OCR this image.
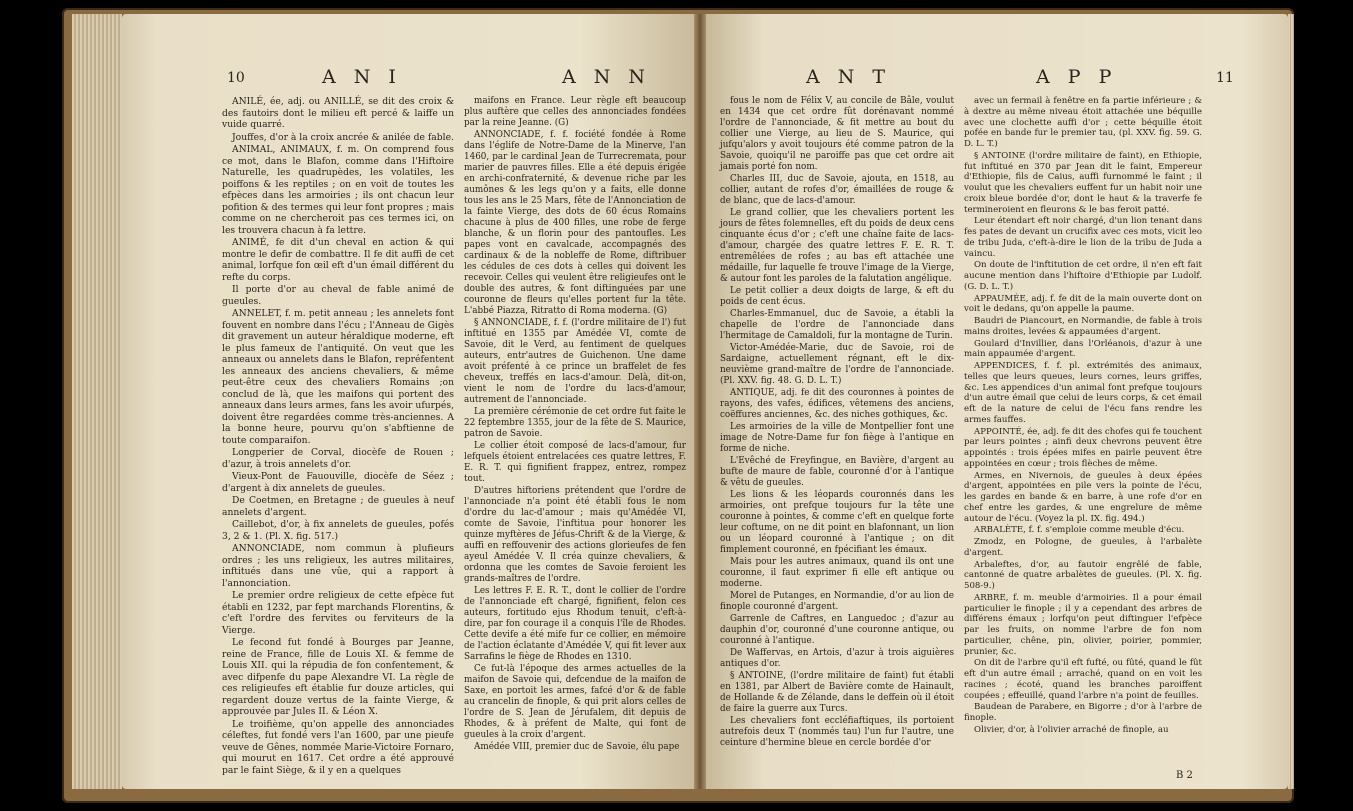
10	A N I	A N N

ANILÉ, ée, adj. ou ANILLÉ, se dit des croix & des fautoirs dont le milieu eft percé & laiffe un vuide quarré.

Jouffes, d'or à la croix ancrée & anilée de fable.

ANIMAL, ANIMAUX, f. m. On comprend fous ce mot, dans le Blafon, comme dans l'Hiftoire Naturelle, les quadrupèdes, les volatiles, les poiffons & les reptiles ; on en voit de toutes les efpèces dans les armoiries ; ils ont chacun leur pofition & des termes qui leur font propres ; mais comme on ne chercheroit pas ces termes ici, on les trouvera chacun à fa lettre.

ANIMÉ, fe dit d'un cheval en action & qui montre le defir de combattre. Il fe dit auffi de cet animal, lorfque fon œil eft d'un émail différent du refte du corps.

Il porte d'or au cheval de fable animé de gueules.

ANNELET, f. m. petit anneau ; les annelets font fouvent en nombre dans l'écu ; l'Anneau de Gigès dit gravement un auteur héraldique moderne, eft le plus fameux de l'antiquité. On veut que les anneaux ou annelets dans le Blafon, repréfentent les anneaux des anciens chevaliers, & même peut-être ceux des chevaliers Romains ;on conclud de là, que les maifons qui portent des anneaux dans leurs armes, fans les avoir ufurpés, doivent être regardées comme très-anciennes. A la bonne heure, pourvu qu'on s'abftienne de toute comparaifon.

Longperier de Corval, diocèfe de Rouen ; d'azur, à trois annelets d'or.

Vieux-Pont de Fauouville, diocèfe de Séez ; d'argent à dix annelets de gueules.

De Coetmen, en Bretagne ; de gueules à neuf annelets d'argent.

Caillebot, d'or, à fix annelets de gueules, pofés 3, 2 & 1. (Pl. X. fig. 517.)

ANNONCIADE, nom commun à plufieurs ordres ; les uns religieux, les autres militaires, inftitués dans une vûe, qui a rapport à l'annonciation.

Le premier ordre religieux de cette efpèce fut établi en 1232, par fept marchands Florentins, & c'eft l'ordre des fervites ou ferviteurs de la Vierge.

Le fecond fut fondé à Bourges par Jeanne, reine de France, fille de Louis XI. & femme de Louis XII. qui la répudia de fon confentement, & avec difpenfe du pape Alexandre VI. La règle de ces religieufes eft établie fur douze articles, qui regardent douze vertus de la fainte Vierge, & approuvée par Jules II. & Léon X.

Le troifième, qu'on appelle des annonciades céleftes, fut fondé vers l'an 1600, par une pieufe veuve de Gênes, nommée Marie-Victoire Fornaro, qui mourut en 1617. Cet ordre a été approuvé par le faint Siège, & il y en a quelques

maifons en France. Leur règle eft beaucoup plus auftère que celles des annonciades fondées par la reine Jeanne. (G)

ANNONCIADE, f. f. fociété fondée à Rome dans l'églife de Notre-Dame de la Minerve, l'an 1460, par le cardinal Jean de Turrecremata, pour marier de pauvres filles. Elle a été depuis érigée en archi-confraternité, & devenue riche par les aumônes & les legs qu'on y a faits, elle donne tous les ans le 25 Mars, fête de l'Annonciation de la fainte Vierge, des dots de 60 écus Romains chacune à plus de 400 filles, une robe de ferge blanche, & un florin pour des pantoufles. Les papes vont en cavalcade, accompagnés des cardinaux & de la nobleffe de Rome, diftribuer les cédules de ces dots à celles qui doivent les recevoir. Celles qui veulent être religieufes ont le double des autres, & font diftinguées par une couronne de fleurs qu'elles portent fur la tête. L'abbé Piazza, Ritratto di Roma moderna. (G)

§ ANNONCIADE, f. f. (l'ordre militaire de l') fut inftitué en 1355 par Amédée VI, comte de Savoie, dit le Verd, au fentiment de quelques auteurs, entr'autres de Guichenon. Une dame avoit préfenté à ce prince un braffelet de fes cheveux, treffés en lacs-d'amour. Delà, dit-on, vient le nom de l'ordre du lacs-d'amour, autrement de l'annonciade.

La première cérémonie de cet ordre fut faite le 22 feptembre 1355, jour de la fête de S. Maurice, patron de Savoie.

Le collier étoit composé de lacs-d'amour, fur lefquels étoient entrelacées ces quatre lettres, F. E. R. T. qui fignifient frappez, entrez, rompez tout.

D'autres hiftoriens prétendent que l'ordre de l'annonciade n'a point été établi fous le nom d'ordre du lac-d'amour ; mais qu'Amédée VI, comte de Savoie, l'inftitua pour honorer les quinze myftères de Jéfus-Chrift & de la Vierge, & auffi en reffouvenir des actions glorieufes de fen ayeul Amédée V. Il créa quinze chevaliers, & ordonna que les comtes de Savoie feroient les grands-maîtres de l'ordre.

Les lettres F. E. R. T., dont le collier de l'ordre de l'annonciade eft chargé, fignifient, felon ces auteurs, fortitudo ejus Rhodum tenuit, c'eft-à-dire, par fon courage il a conquis l'île de Rhodes. Cette devife a été mife fur ce collier, en mémoire de l'action éclatante d'Amédée V, qui fit lever aux Sarrafins le fiège de Rhodes en 1310.

Ce fut-là l'époque des armes actuelles de la maifon de Savoie qui, defcendue de la maifon de Saxe, en portoit les armes, fafcé d'or & de fable au crancelin de finople, & qui prit alors celles de l'ordre de S. Jean de Jérufalem, dit depuis de Rhodes, & à préfent de Malte, qui font de gueules à la croix d'argent.

Amédée VIII, premier duc de Savoie, élu pape

A N T	A P P	11

fous le nom de Félix V, au concile de Bâle, voulut en 1434 que cet ordre fût dorénavant nommé l'ordre de l'annonciade, & fit mettre au bout du collier une Vierge, au lieu de S. Maurice, qui jufqu'alors y avoit toujours été comme patron de la Savoie, quoiqu'il ne paroiffe pas que cet ordre ait jamais porté fon nom.

Charles III, duc de Savoie, ajouta, en 1518, au collier, autant de rofes d'or, émaillées de rouge & de blanc, que de lacs-d'amour.

Le grand collier, que les chevaliers portent les jours de fêtes folemnelles, eft du poids de deux cens cinquante écus d'or ; c'eft une chaîne faite de lacs-d'amour, chargée des quatre lettres F. E. R. T. entremêlées de rofes ; au bas eft attachée une médaille, fur laquelle fe trouve l'image de la Vierge, & autour font les paroles de la falutation angélique.

Le petit collier a deux doigts de large, & eft du poids de cent écus.

Charles-Emmanuel, duc de Savoie, a établi la chapelle de l'ordre de l'annonciade dans l'hermitage de Camaldoli, fur la montagne de Turin.

Victor-Amédée-Marie, duc de Savoie, roi de Sardaigne, actuellement régnant, eft le dix-neuvième grand-maître de l'ordre de l'annonciade. (Pl. XXV. fig. 48. G. D. L. T.)

ANTIQUE, adj. fe dit des couronnes à pointes de rayons, des vafes, édifices, vêtemens des anciens, coëffures anciennes, &c. des niches gothiques, &c.

Les armoiries de la ville de Montpellier font une image de Notre-Dame fur fon fiège à l'antique en forme de niche.

L'Evêché de Freyfingue, en Bavière, d'argent au bufte de maure de fable, couronné d'or à l'antique & vêtu de gueules.

Les lions & les léopards couronnés dans les armoiries, ont prefque toujours fur la tête une couronne à pointes, & comme c'eft en quelque forte leur coftume, on ne dit point en blafonnant, un lion ou un léopard couronné à l'antique ; on dit fimplement couronné, en fpécifiant les émaux.

Mais pour les autres animaux, quand ils ont une couronne, il faut exprimer fi elle eft antique ou moderne.

Morel de Putanges, en Normandie, d'or au lion de finople couronné d'argent.

Garrenle de Caftres, en Languedoc ; d'azur au dauphin d'or, couronné d'une couronne antique, ou couronné à l'antique.

De Waffervas, en Artois, d'azur à trois aiguières antiques d'or.

§ ANTOINE, (l'ordre militaire de faint) fut établi en 1381, par Albert de Bavière comte de Hainault, de Hollande & de Zélande, dans le deffein où il étoit de faire la guerre aux Turcs.

Les chevaliers font eccléfiaftiques, ils portoient autrefois deux T (nommés tau) l'un fur l'autre, une ceinture d'hermine bleue en cercle bordée d'or

avec un fermail à fenêtre en fa partie inférieure ; & à dextre au même niveau étoit attachée une béquille avec une clochette auffi d'or ; cette béquille étoit pofée en bande fur le premier tau, (pl. XXV. fig. 59. G. D. L. T.)

§ ANTOINE (l'ordre militaire de faint), en Ethiopie, fut inftitué en 370 par Jean dit le faint, Empereur d'Ethiopie, fils de Caius, auffi furnommé le faint ; il voulut que les chevaliers euffent fur un habit noir une croix bleue bordée d'or, dont le haut & la traverfe fe termineroient en fleurons & le bas feroit patté.

Leur étendart eft noir chargé, d'un lion tenant dans fes pates de devant un crucifix avec ces mots, vicit leo de tribu Juda, c'eft-à-dire le lion de la tribu de Juda a vaincu.

On doute de l'inftitution de cet ordre, il n'en eft fait aucune mention dans l'hiftoire d'Ethiopie par Ludolf. (G. D. L. T.)

APPAUMÉE, adj. f. fe dit de la main ouverte dont on voit le dedans, qu'on appelle la paume.

Baudri de Piancourt, en Normandie, de fable à trois mains droites, levées & appaumées d'argent.

Goulard d'Invillier, dans l'Orléanois, d'azur à une main appaumée d'argent.

APPENDICES, f. f. pl. extrémités des animaux, telles que leurs queues, leurs cornes, leurs griffes, &c. Les appendices d'un animal font prefque toujours d'un autre émail que celui de leurs corps, & cet émail eft de la nature de celui de l'écu fans rendre les armes fauffes.

APPOINTÉ, ée, adj. fe dit des chofes qui fe touchent par leurs pointes ; ainfi deux chevrons peuvent être appointés : trois épées mifes en pairle peuvent être appointées en cœur ; trois flèches de même.

Armes, en Nivernois, de gueules à deux épées d'argent, appointées en pile vers la pointe de l'écu, les gardes en bande & en barre, à une rofe d'or en chef entre les gardes, & une engrelure de même autour de l'écu. (Voyez la pl. IX. fig. 494.)

ARBALÈTE, f. f. s'emploie comme meuble d'écu.

Zmodz, en Pologne, de gueules, à l'arbalète d'argent.

Arbaleftes, d'or, au fautoir engrêlé de fable, cantonné de quatre arbalètes de gueules. (Pl. X. fig. 508-9.)

ARBRE, f. m. meuble d'armoiries. Il a pour émail particulier le finople ; il y a cependant des arbres de différens émaux ; lorfqu'on peut diftinguer l'efpèce par les fruits, on nomme l'arbre de fon nom particulier, chêne, pin, olivier, poirier, pommier, prunier, &c.

On dit de l'arbre qu'il eft fufté, ou fûté, quand le fût eft d'un autre émail ; arraché, quand on en voit les racines ; écoté, quand les branches paroiffent coupées ; effeuillé, quand l'arbre n'a point de feuilles.

Baudean de Parabere, en Bigorre ; d'or à l'arbre de finople.

Olivier, d'or, à l'olivier arraché de finople, au

B 2
